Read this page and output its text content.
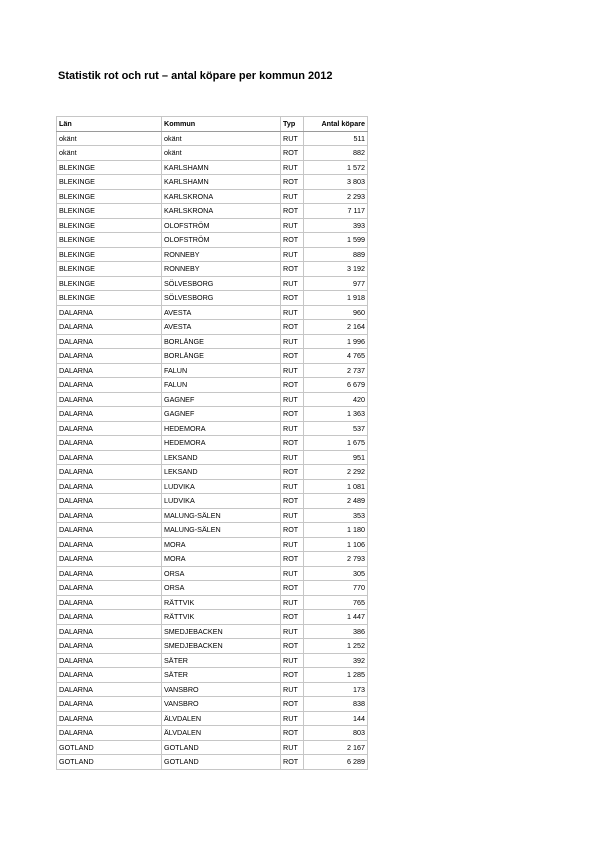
Statistik rot och rut – antal köpare per kommun 2012
Län	Kommun	Typ	Antal köpare
okänt	okänt	RUT	511
okänt	okänt	ROT	882
BLEKINGE	KARLSHAMN	RUT	1 572
BLEKINGE	KARLSHAMN	ROT	3 803
BLEKINGE	KARLSKRONA	RUT	2 293
BLEKINGE	KARLSKRONA	ROT	7 117
BLEKINGE	OLOFSTRÖM	RUT	393
BLEKINGE	OLOFSTRÖM	ROT	1 599
BLEKINGE	RONNEBY	RUT	889
BLEKINGE	RONNEBY	ROT	3 192
BLEKINGE	SÖLVESBORG	RUT	977
BLEKINGE	SÖLVESBORG	ROT	1 918
DALARNA	AVESTA	RUT	960
DALARNA	AVESTA	ROT	2 164
DALARNA	BORLÄNGE	RUT	1 996
DALARNA	BORLÄNGE	ROT	4 765
DALARNA	FALUN	RUT	2 737
DALARNA	FALUN	ROT	6 679
DALARNA	GAGNEF	RUT	420
DALARNA	GAGNEF	ROT	1 363
DALARNA	HEDEMORA	RUT	537
DALARNA	HEDEMORA	ROT	1 675
DALARNA	LEKSAND	RUT	951
DALARNA	LEKSAND	ROT	2 292
DALARNA	LUDVIKA	RUT	1 081
DALARNA	LUDVIKA	ROT	2 489
DALARNA	MALUNG-SÄLEN	RUT	353
DALARNA	MALUNG-SÄLEN	ROT	1 180
DALARNA	MORA	RUT	1 106
DALARNA	MORA	ROT	2 793
DALARNA	ORSA	RUT	305
DALARNA	ORSA	ROT	770
DALARNA	RÄTTVIK	RUT	765
DALARNA	RÄTTVIK	ROT	1 447
DALARNA	SMEDJEBACKEN	RUT	386
DALARNA	SMEDJEBACKEN	ROT	1 252
DALARNA	SÄTER	RUT	392
DALARNA	SÄTER	ROT	1 285
DALARNA	VANSBRO	RUT	173
DALARNA	VANSBRO	ROT	838
DALARNA	ÄLVDALEN	RUT	144
DALARNA	ÄLVDALEN	ROT	803
GOTLAND	GOTLAND	RUT	2 167
GOTLAND	GOTLAND	ROT	6 289
